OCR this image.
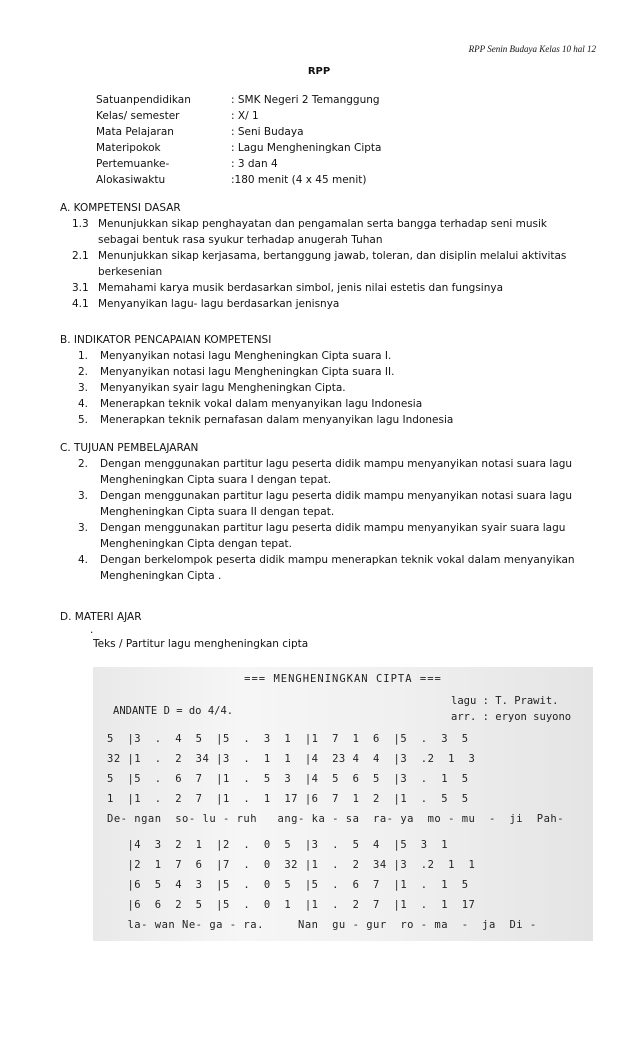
RPP Senin Budaya Kelas 10 hal 12
RPP
Satuanpendidikan	: SMK Negeri 2 Temanggung
Kelas/ semester	: X/ 1
Mata Pelajaran	: Seni Budaya
Materipokok	: Lagu Mengheningkan Cipta
Pertemuanke-	: 3 dan 4
Alokasiwaktu	:180 menit (4 x 45 menit)
A. KOMPETENSI DASAR
1.3 Menunjukkan sikap penghayatan dan pengamalan serta bangga terhadap seni musik sebagai bentuk rasa syukur terhadap anugerah Tuhan
2.1 Menunjukkan sikap kerjasama, bertanggung jawab, toleran, dan disiplin melalui aktivitas berkesenian
3.1 Memahami karya musik berdasarkan simbol, jenis nilai estetis dan fungsinya
4.1 Menyanyikan lagu- lagu berdasarkan jenisnya
B. INDIKATOR PENCAPAIAN KOMPETENSI
1.	Menyanyikan notasi lagu Mengheningkan Cipta suara I.
2.	Menyanyikan notasi lagu Mengheningkan Cipta suara II.
3.	Menyanyikan syair lagu Mengheningkan Cipta.
4.	Menerapkan teknik vokal dalam menyanyikan lagu Indonesia
5.	Menerapkan teknik pernafasan dalam menyanyikan lagu Indonesia
C. TUJUAN PEMBELAJARAN
2.	Dengan menggunakan partitur lagu peserta didik mampu menyanyikan notasi suara lagu Mengheningkan Cipta suara I dengan tepat.
3.	Dengan menggunakan partitur lagu peserta didik mampu menyanyikan notasi suara lagu Mengheningkan Cipta suara II dengan tepat.
3.	Dengan menggunakan partitur lagu peserta didik mampu menyanyikan syair suara lagu Mengheningkan Cipta dengan tepat.
4.	Dengan berkelompok peserta didik mampu menerapkan teknik vokal dalam menyanyikan Mengheningkan Cipta .
D. MATERI AJAR
.
Teks / Partitur lagu mengheningkan cipta
=== MENGHENINGKAN CIPTA ===
ANDANTE D = do 4/4.
lagu : T. Prawit.
arr. : eryon suyono
5  |3  .  4  5  |5  .  3  1  |1  7  1  6  |5  .  3  5
32 |1  .  2  34 |3  .  1  1  |4  23 4  4  |3  .2  1  3
5  |5  .  6  7  |1  .  5  3  |4  5  6  5  |3  .  1  5
1  |1  .  2  7  |1  .  1  17 |6  7  1  2  |1  .  5  5
De- ngan  so- lu - ruh   ang- ka - sa  ra- ya  mo - mu  -  ji  Pah-
|4  3  2  1  |2  .  0  5  |3  .  5  4  |5  3  1
|2  1  7  6  |7  .  0  32 |1  .  2  34 |3  .2  1  1
|6  5  4  3  |5  .  0  5  |5  .  6  7  |1  .  1  5
|6  6  2  5  |5  .  0  1  |1  .  2  7  |1  .  1  17
la- wan Ne- ga - ra.     Nan  gu - gur  ro - ma  -  ja  Di -
